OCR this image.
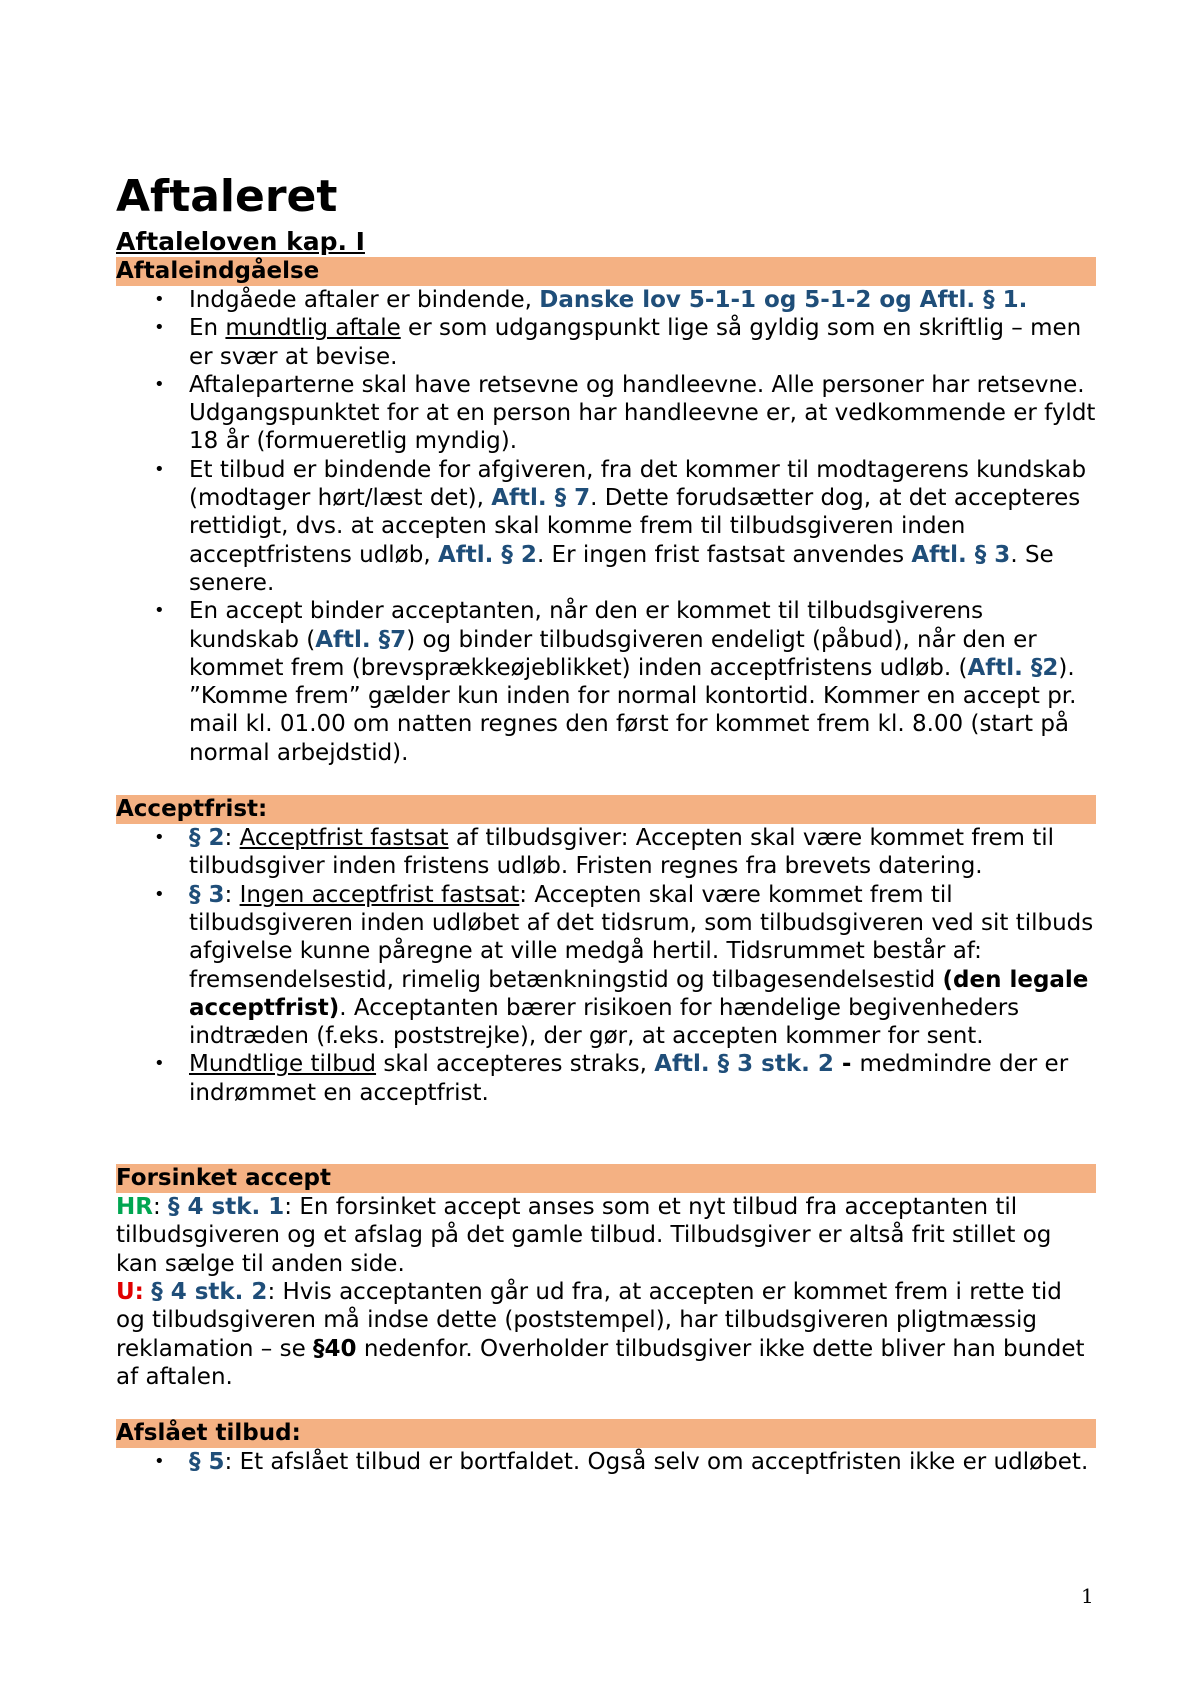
Aftaleret
Aftaleloven kap. I
Aftaleindgåelse
• Indgåede aftaler er bindende, Danske lov 5-1-1 og 5-1-2 og Aftl. § 1.
• En mundtlig aftale er som udgangspunkt lige så gyldig som en skriftlig – men er svær at bevise.
• Aftaleparterne skal have retsevne og handleevne. Alle personer har retsevne. Udgangspunktet for at en person har handleevne er, at vedkommende er fyldt 18 år (formueretlig myndig).
• Et tilbud er bindende for afgiveren, fra det kommer til modtagerens kundskab (modtager hørt/læst det), Aftl. § 7. Dette forudsætter dog, at det accepteres rettidigt, dvs. at accepten skal komme frem til tilbudsgiveren inden acceptfristens udløb, Aftl. § 2. Er ingen frist fastsat anvendes Aftl. § 3. Se senere.
• En accept binder acceptanten, når den er kommet til tilbudsgiverens kundskab (Aftl. §7) og binder tilbudsgiveren endeligt (påbud), når den er kommet frem (brevsprækkeøjeblikket) inden acceptfristens udløb. (Aftl. §2). ”Komme frem” gælder kun inden for normal kontortid. Kommer en accept pr. mail kl. 01.00 om natten regnes den først for kommet frem kl. 8.00 (start på normal arbejdstid).
Acceptfrist:
• § 2: Acceptfrist fastsat af tilbudsgiver: Accepten skal være kommet frem til tilbudsgiver inden fristens udløb. Fristen regnes fra brevets datering.
• § 3: Ingen acceptfrist fastsat: Accepten skal være kommet frem til tilbudsgiveren inden udløbet af det tidsrum, som tilbudsgiveren ved sit tilbuds afgivelse kunne påregne at ville medgå hertil. Tidsrummet består af: fremsendelsestid, rimelig betænkningstid og tilbagesendelsestid (den legale acceptfrist). Acceptanten bærer risikoen for hændelige begivenheders indtræden (f.eks. poststrejke), der gør, at accepten kommer for sent.
• Mundtlige tilbud skal accepteres straks, Aftl. § 3 stk. 2 - medmindre der er indrømmet en acceptfrist.
Forsinket accept

HR: § 4 stk. 1: En forsinket accept anses som et nyt tilbud fra acceptanten til tilbudsgiveren og et afslag på det gamle tilbud. Tilbudsgiver er altså frit stillet og kan sælge til anden side.

U: § 4 stk. 2: Hvis acceptanten går ud fra, at accepten er kommet frem i rette tid og tilbudsgiveren må indse dette (poststempel), har tilbudsgiveren pligtmæssig reklamation – se §40 nedenfor. Overholder tilbudsgiver ikke dette bliver han bundet af aftalen.

Afslået tilbud:
• § 5: Et afslået tilbud er bortfaldet. Også selv om acceptfristen ikke er udløbet.
1
